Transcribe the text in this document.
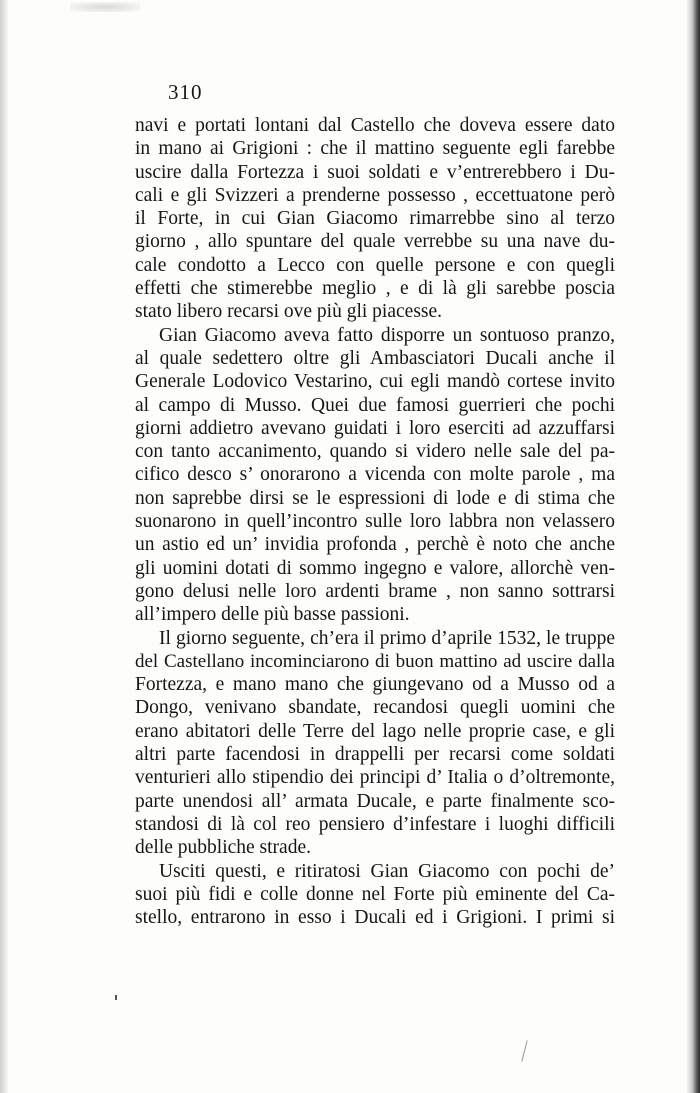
310
navi e portati lontani dal Castello che doveva essere dato
in mano ai Grigioni : che il mattino seguente egli farebbe
uscire dalla Fortezza i suoi soldati e v’entrerebbero i Du-
cali e gli Svizzeri a prenderne possesso , eccettuatone però
il Forte, in cui Gian Giacomo rimarrebbe sino al terzo
giorno , allo spuntare del quale verrebbe su una nave du-
cale condotto a Lecco con quelle persone e con quegli
effetti che stimerebbe meglio , e di là gli sarebbe poscia
stato libero recarsi ove più gli piacesse.
Gian Giacomo aveva fatto disporre un sontuoso pranzo,
al quale sedettero oltre gli Ambasciatori Ducali anche il
Generale Lodovico Vestarino, cui egli mandò cortese invito
al campo di Musso. Quei due famosi guerrieri che pochi
giorni addietro avevano guidati i loro eserciti ad azzuffarsi
con tanto accanimento, quando si videro nelle sale del pa-
cifico desco s’ onorarono a vicenda con molte parole , ma
non saprebbe dirsi se le espressioni di lode e di stima che
suonarono in quell’incontro sulle loro labbra non velassero
un astio ed un’ invidia profonda , perchè è noto che anche
gli uomini dotati di sommo ingegno e valore, allorchè ven-
gono delusi nelle loro ardenti brame , non sanno sottrarsi
all’impero delle più basse passioni.
Il giorno seguente, ch’era il primo d’aprile 1532, le truppe
del Castellano incominciarono di buon mattino ad uscire dalla
Fortezza, e mano mano che giungevano od a Musso od a
Dongo, venivano sbandate, recandosi quegli uomini che
erano abitatori delle Terre del lago nelle proprie case, e gli
altri parte facendosi in drappelli per recarsi come soldati
venturieri allo stipendio dei principi d’ Italia o d’oltremonte,
parte unendosi all’ armata Ducale, e parte finalmente sco-
standosi di là col reo pensiero d’infestare i luoghi difficili
delle pubbliche strade.
Usciti questi, e ritiratosi Gian Giacomo con pochi de’
suoi più fidi e colle donne nel Forte più eminente del Ca-
stello, entrarono in esso i Ducali ed i Grigioni. I primi si
